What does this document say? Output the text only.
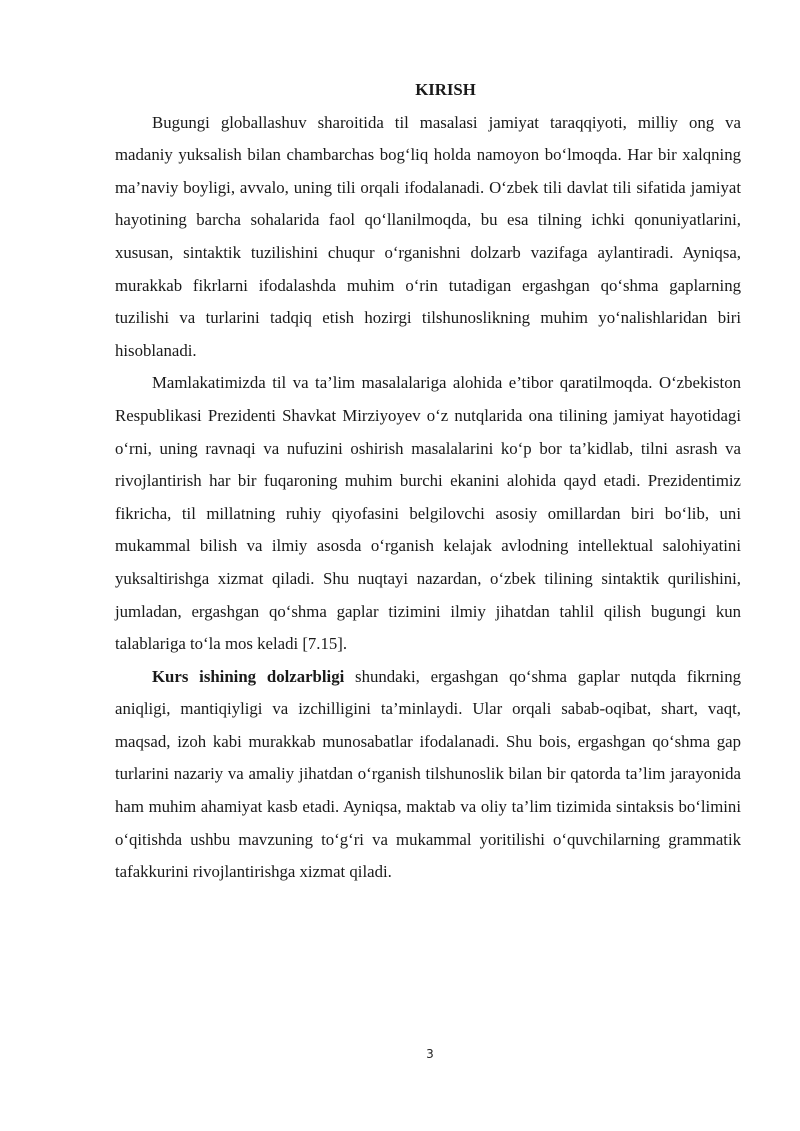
KIRISH

Bugungi globallashuv sharoitida til masalasi jamiyat taraqqiyoti, milliy ong va madaniy yuksalish bilan chambarchas bog‘liq holda namoyon bo‘lmoqda. Har bir xalqning ma’naviy boyligi, avvalo, uning tili orqali ifodalanadi. O‘zbek tili davlat tili sifatida jamiyat hayotining barcha sohalarida faol qo‘llanilmoqda, bu esa tilning ichki qonuniyatlarini, xususan, sintaktik tuzilishini chuqur o‘rganishni dolzarb vazifaga aylantiradi. Ayniqsa, murakkab fikrlarni ifodalashda muhim o‘rin tutadigan ergashgan qo‘shma gaplarning tuzilishi va turlarini tadqiq etish hozirgi tilshunoslikning muhim yo‘nalishlaridan biri hisoblanadi.

Mamlakatimizda til va ta’lim masalalariga alohida e’tibor qaratilmoqda. O‘zbekiston Respublikasi Prezidenti Shavkat Mirziyoyev o‘z nutqlarida ona tilining jamiyat hayotidagi o‘rni, uning ravnaqi va nufuzini oshirish masalalarini ko‘p bor ta’kidlab, tilni asrash va rivojlantirish har bir fuqaroning muhim burchi ekanini alohida qayd etadi. Prezidentimiz fikricha, til millatning ruhiy qiyofasini belgilovchi asosiy omillardan biri bo‘lib, uni mukammal bilish va ilmiy asosda o‘rganish kelajak avlodning intellektual salohiyatini yuksaltirishga xizmat qiladi. Shu nuqtayi nazardan, o‘zbek tilining sintaktik qurilishini, jumladan, ergashgan qo‘shma gaplar tizimini ilmiy jihatdan tahlil qilish bugungi kun talablariga to‘la mos keladi [7.15].

Kurs ishining dolzarbligi shundaki, ergashgan qo‘shma gaplar nutqda fikrning aniqligi, mantiqiyligi va izchilligini ta’minlaydi. Ular orqali sabab-oqibat, shart, vaqt, maqsad, izoh kabi murakkab munosabatlar ifodalanadi. Shu bois, ergashgan qo‘shma gap turlarini nazariy va amaliy jihatdan o‘rganish tilshunoslik bilan bir qatorda ta’lim jarayonida ham muhim ahamiyat kasb etadi. Ayniqsa, maktab va oliy ta’lim tizimida sintaksis bo‘limini o‘qitishda ushbu mavzuning to‘g‘ri va mukammal yoritilishi o‘quvchilarning grammatik tafakkurini rivojlantirishga xizmat qiladi.

3
